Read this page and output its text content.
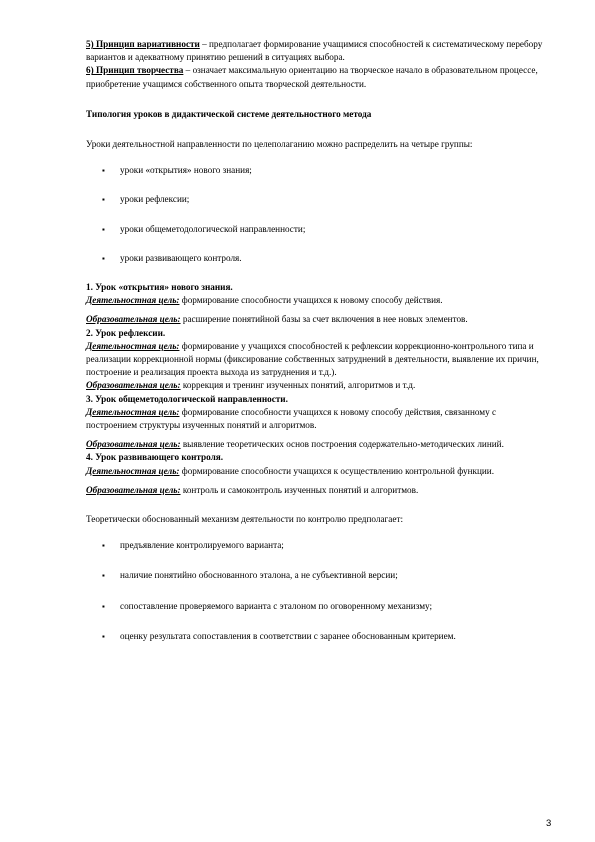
5) Принцип вариативности – предполагает формирование учащимися способностей к систематическому перебору вариантов и адекватному принятию решений в ситуациях выбора.

6) Принцип творчества – означает максимальную ориентацию на творческое начало в образовательном процессе, приобретение учащимся собственного опыта творческой деятельности.

Типология уроков в дидактической системе деятельностного метода

Уроки деятельностной направленности по целеполаганию можно распределить на четыре группы:

▪ уроки «открытия» нового знания;
▪ уроки рефлексии;
▪ уроки общеметодологической направленности;
▪ уроки развивающего контроля.

1. Урок «открытия» нового знания.

Деятельностная цель: формирование способности учащихся к новому способу действия.

Образовательная цель: расширение понятийной базы за счет включения в нее новых элементов.

2. Урок рефлексии.

Деятельностная цель: формирование у учащихся способностей к рефлексии коррекционно-контрольного типа и реализации коррекционной нормы (фиксирование собственных затруднений в деятельности, выявление их причин, построение и реализация проекта выхода из затруднения и т.д.).

Образовательная цель: коррекция и тренинг изученных понятий, алгоритмов и т.д.

3. Урок общеметодологической направленности.

Деятельностная цель: формирование способности учащихся к новому способу действия, связанному с построением структуры изученных понятий и алгоритмов.

Образовательная цель: выявление теоретических основ построения содержательно-методических линий.

4. Урок развивающего контроля.

Деятельностная цель: формирование способности учащихся к осуществлению контрольной функции.

Образовательная цель: контроль и самоконтроль изученных понятий и алгоритмов.

Теоретически обоснованный механизм деятельности по контролю предполагает:

▪ предъявление контролируемого варианта;
▪ наличие понятийно обоснованного эталона, а не субъективной версии;
▪ сопоставление проверяемого варианта с эталоном по оговоренному механизму;
▪ оценку результата сопоставления в соответствии с заранее обоснованным критерием.
3
